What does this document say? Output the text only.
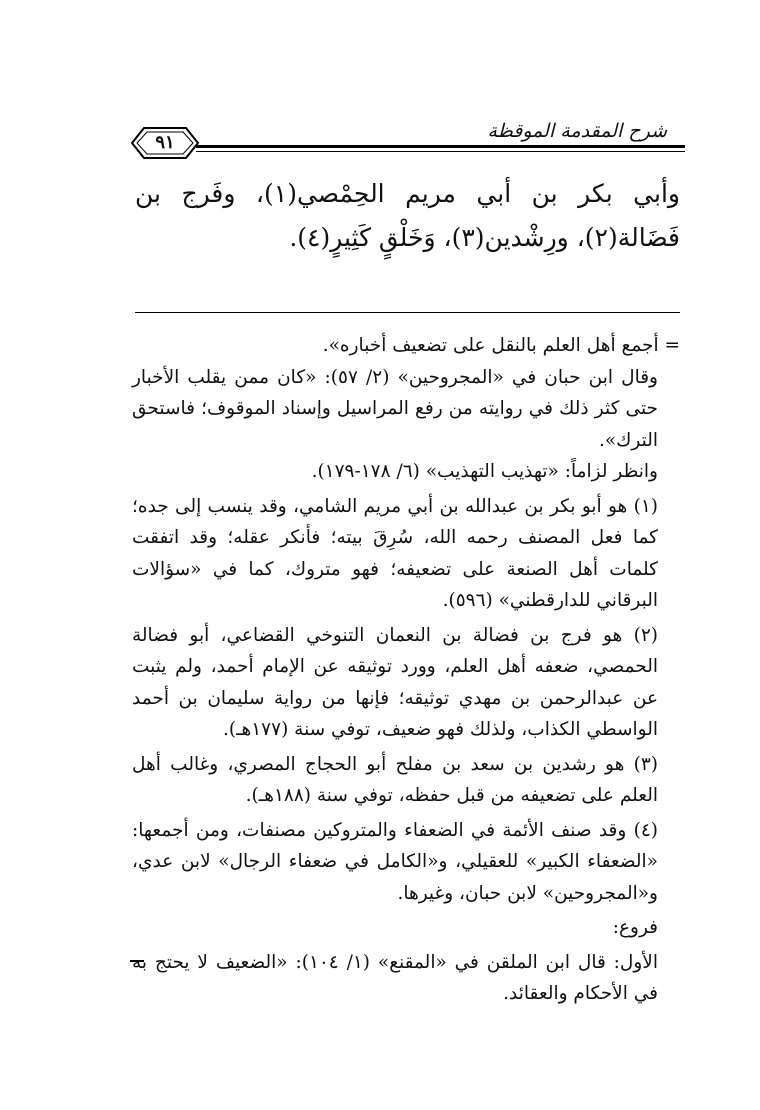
٩١
شرح المقدمة الموقظة
وأبي بكر بن أبي مريم الحِمْصي(١)، وفَرج بن فَضَالة(٢)، ورِشْدين(٣)، وَخَلْقٍ كَثِيرٍ(٤).

= أجمع أهل العلم بالنقل على تضعيف أخباره».

وقال ابن حبان في «المجروحين» (٢/ ٥٧): «كان ممن يقلب الأخبار حتى كثر ذلك في روايته من رفع المراسيل وإسناد الموقوف؛ فاستحق الترك».

وانظر لزاماً: «تهذيب التهذيب» (٦/ ١٧٨-١٧٩).

(١) هو أبو بكر بن عبدالله بن أبي مريم الشامي، وقد ينسب إلى جده؛ كما فعل المصنف رحمه الله، سُرِقَ بيته؛ فأنكر عقله؛ وقد اتفقت كلمات أهل الصنعة على تضعيفه؛ فهو متروك، كما في «سؤالات البرقاني للدارقطني» (٥٩٦).

(٢) هو فرج بن فضالة بن النعمان التنوخي القضاعي، أبو فضالة الحمصي، ضعفه أهل العلم، وورد توثيقه عن الإمام أحمد، ولم يثبت عن عبدالرحمن بن مهدي توثيقه؛ فإنها من رواية سليمان بن أحمد الواسطي الكذاب، ولذلك فهو ضعيف، توفي سنة (١٧٧هـ).

(٣) هو رشدين بن سعد بن مفلح أبو الحجاج المصري، وغالب أهل العلم على تضعيفه من قبل حفظه، توفي سنة (١٨٨هـ).

(٤) وقد صنف الأئمة في الضعفاء والمتروكين مصنفات، ومن أجمعها: «الضعفاء الكبير» للعقيلي، و«الكامل في ضعفاء الرجال» لابن عدي، و«المجروحين» لابن حبان، وغيرها.

فروع:

الأول: قال ابن الملقن في «المقنع» (١/ ١٠٤): «الضعيف لا يحتج به في الأحكام والعقائد.
